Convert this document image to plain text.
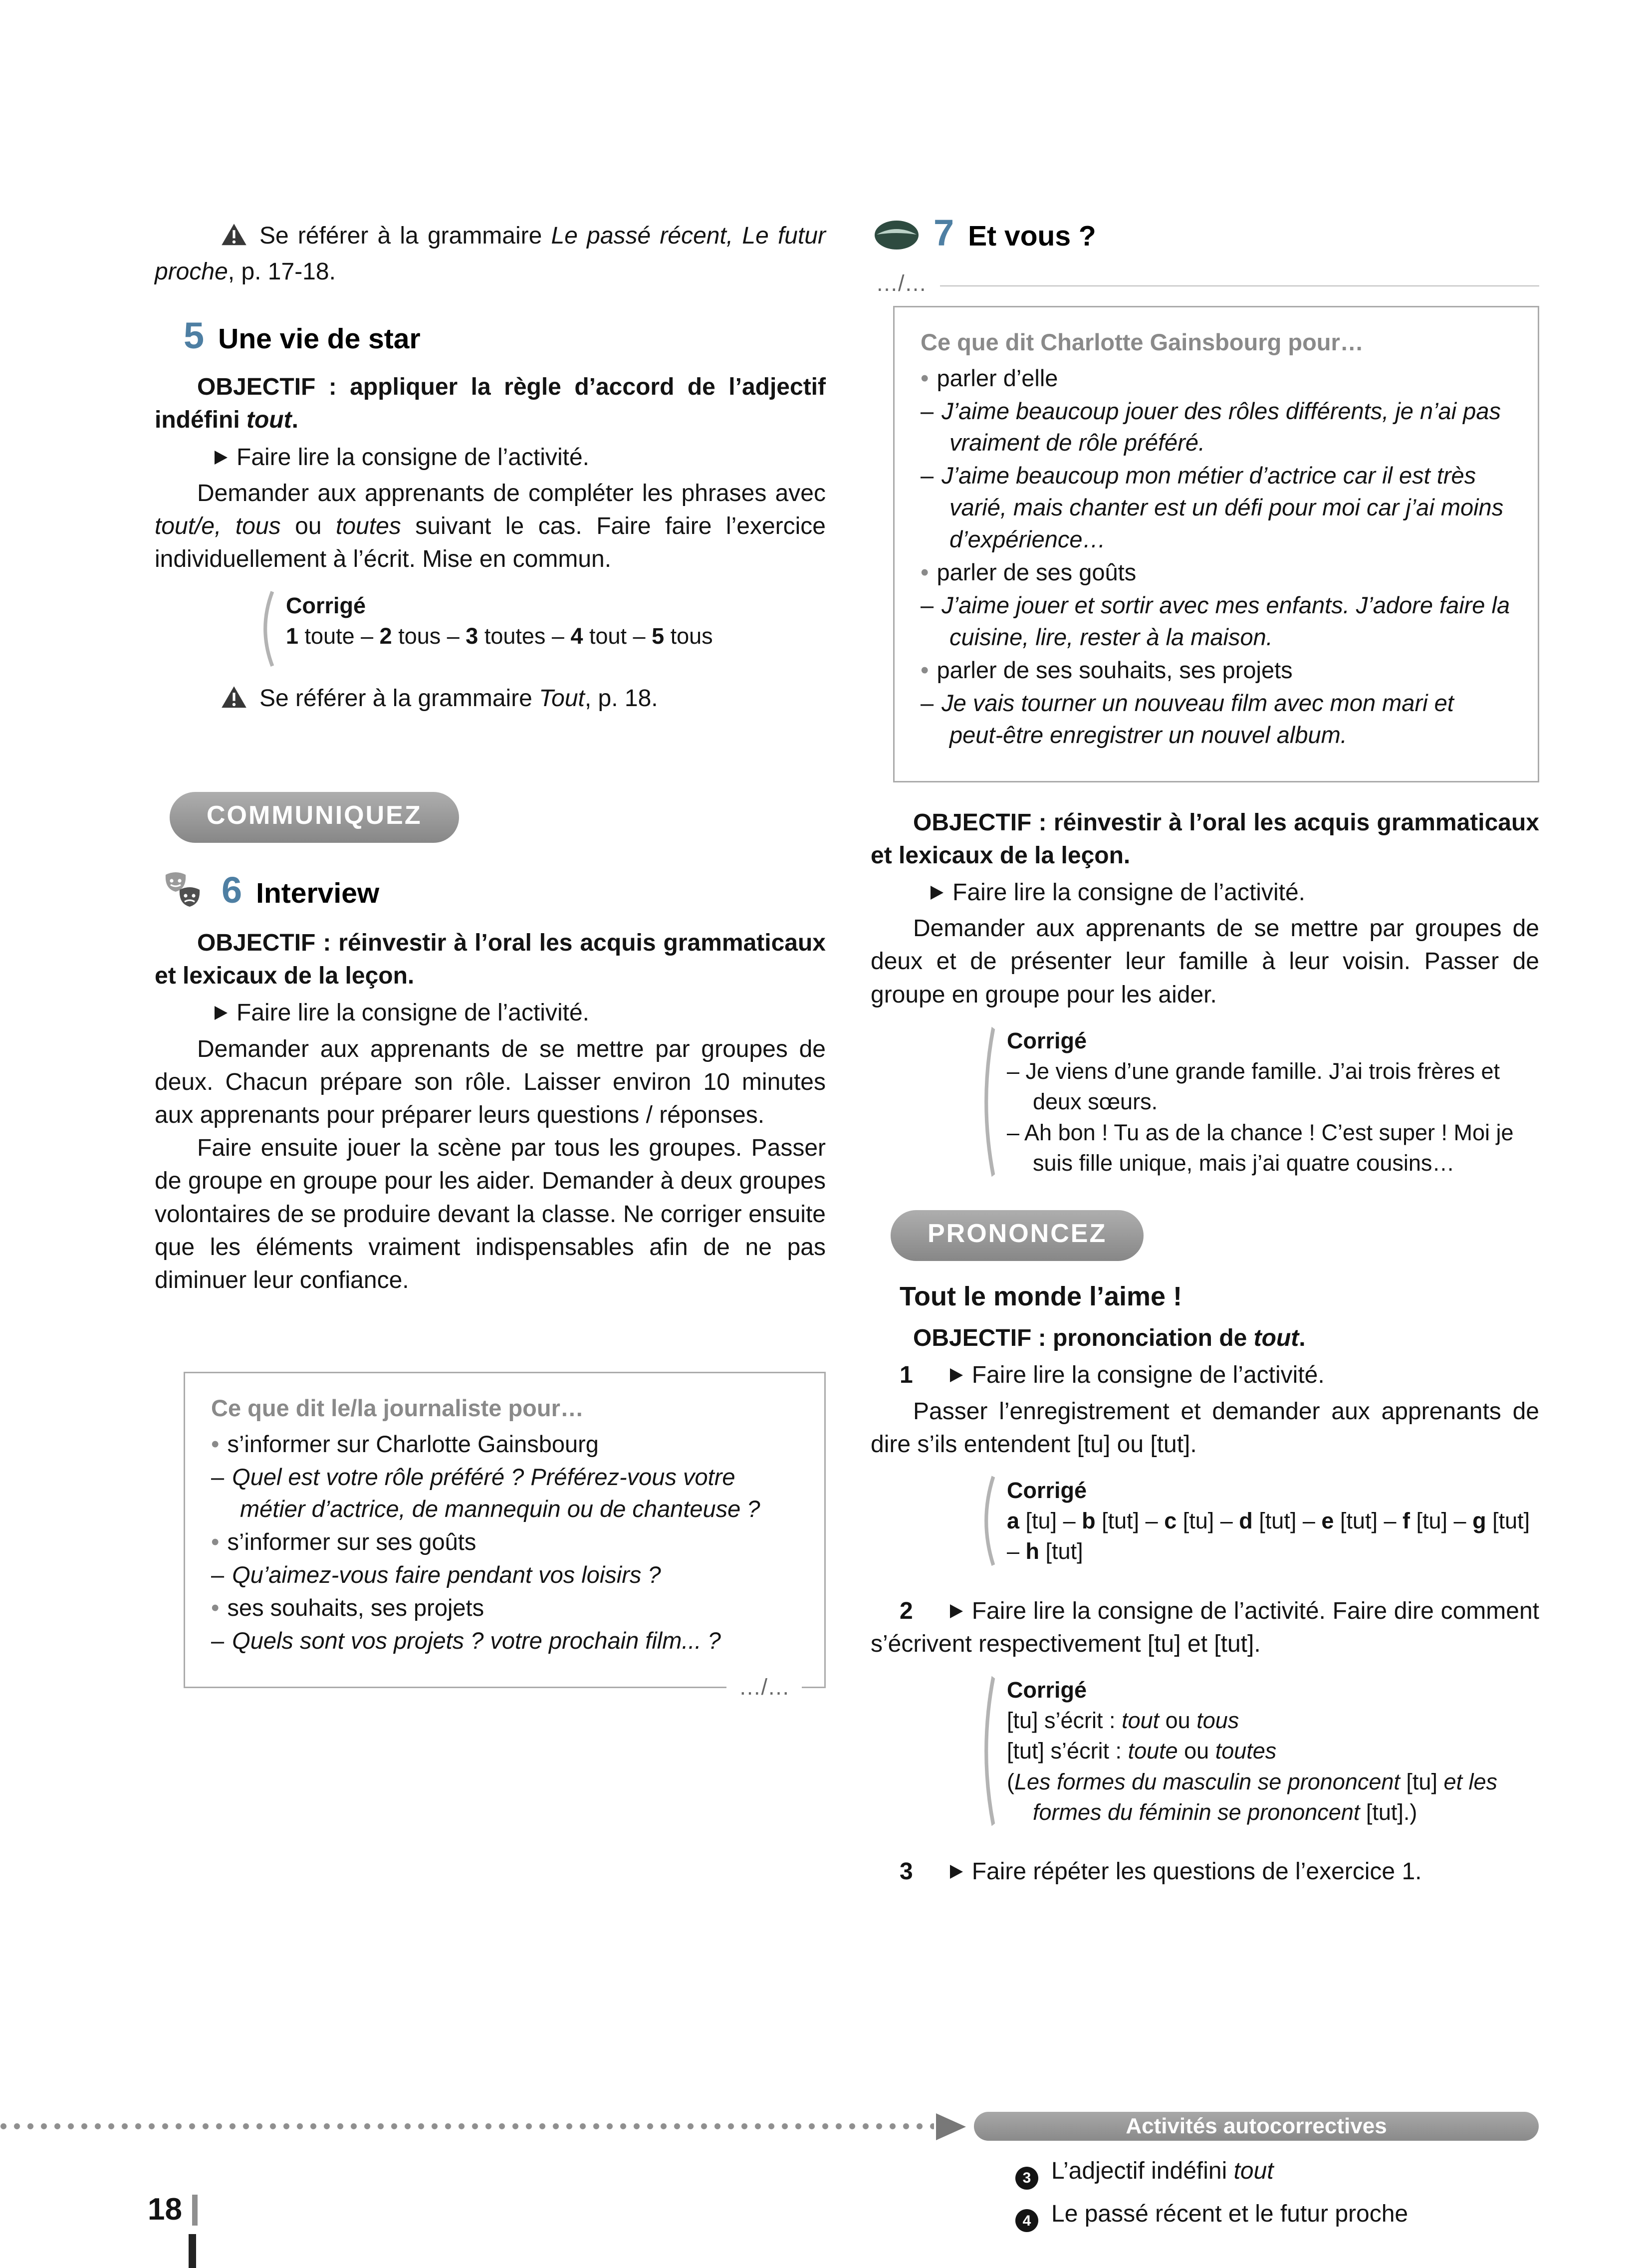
Se référer à la grammaire Le passé récent, Le futur proche, p. 17-18.

5 Une vie de star

OBJECTIF : appliquer la règle d’accord de l’adjectif indéfini tout.

Faire lire la consigne de l’activité.

Demander aux apprenants de compléter les phrases avec tout/e, tous ou toutes suivant le cas. Faire faire l’exercice individuellement à l’écrit. Mise en commun.

Corrigé
1 toute – 2 tous – 3 toutes – 4 tout – 5 tous

Se référer à la grammaire Tout, p. 18.

COMMUNIQUEZ
6 Interview

OBJECTIF : réinvestir à l’oral les acquis grammaticaux et lexicaux de la leçon.

Faire lire la consigne de l’activité.

Demander aux apprenants de se mettre par groupes de deux. Chacun prépare son rôle. Laisser environ 10 minutes aux apprenants pour préparer leurs questions / réponses.

Faire ensuite jouer la scène par tous les groupes. Passer de groupe en groupe pour les aider. Demander à deux groupes volontaires de se produire devant la classe. Ne corriger ensuite que les éléments vraiment indispensables afin de ne pas diminuer leur confiance.

Ce que dit le/la journaliste pour…
• s’informer sur Charlotte Gainsbourg
– Quel est votre rôle préféré ? Préférez-vous votre métier d’actrice, de mannequin ou de chanteuse ?
• s’informer sur ses goûts
– Qu’aimez-vous faire pendant vos loisirs ?
• ses souhaits, ses projets
– Quels sont vos projets ? votre prochain film... ?
…/…
7 Et vous ?
…/…
Ce que dit Charlotte Gainsbourg pour…
• parler d’elle
– J’aime beaucoup jouer des rôles différents, je n’ai pas vraiment de rôle préféré.
– J’aime beaucoup mon métier d’actrice car il est très varié, mais chanter est un défi pour moi car j’ai moins d’expérience…
• parler de ses goûts
– J’aime jouer et sortir avec mes enfants. J’adore faire la cuisine, lire, rester à la maison.
• parler de ses souhaits, ses projets
– Je vais tourner un nouveau film avec mon mari et peut-être enregistrer un nouvel album.

OBJECTIF : réinvestir à l’oral les acquis grammaticaux et lexicaux de la leçon.

Faire lire la consigne de l’activité.

Demander aux apprenants de se mettre par groupes de deux et de présenter leur famille à leur voisin. Passer de groupe en groupe pour les aider.

Corrigé
– Je viens d’une grande famille. J’ai trois frères et deux sœurs.
– Ah bon ! Tu as de la chance ! C’est super ! Moi je suis fille unique, mais j’ai quatre cousins…
PRONONCEZ
Tout le monde l’aime !

OBJECTIF : prononciation de tout.

1 Faire lire la consigne de l’activité.

Passer l’enregistrement et demander aux apprenants de dire s’ils entendent [tu] ou [tut].

Corrigé
a [tu] – b [tut] – c [tu] – d [tut] – e [tut] – f [tu] – g [tut] – h [tut]

2 Faire lire la consigne de l’activité. Faire dire comment s’écrivent respectivement [tu] et [tut].

Corrigé
[tu] s’écrit : tout ou tous
[tut] s’écrit : toute ou toutes
(Les formes du masculin se prononcent [tu] et les formes du féminin se prononcent [tut].)

3 Faire répéter les questions de l’exercice 1.

Activités autocorrectives
3 L’adjectif indéfini tout
4 Le passé récent et le futur proche
18
